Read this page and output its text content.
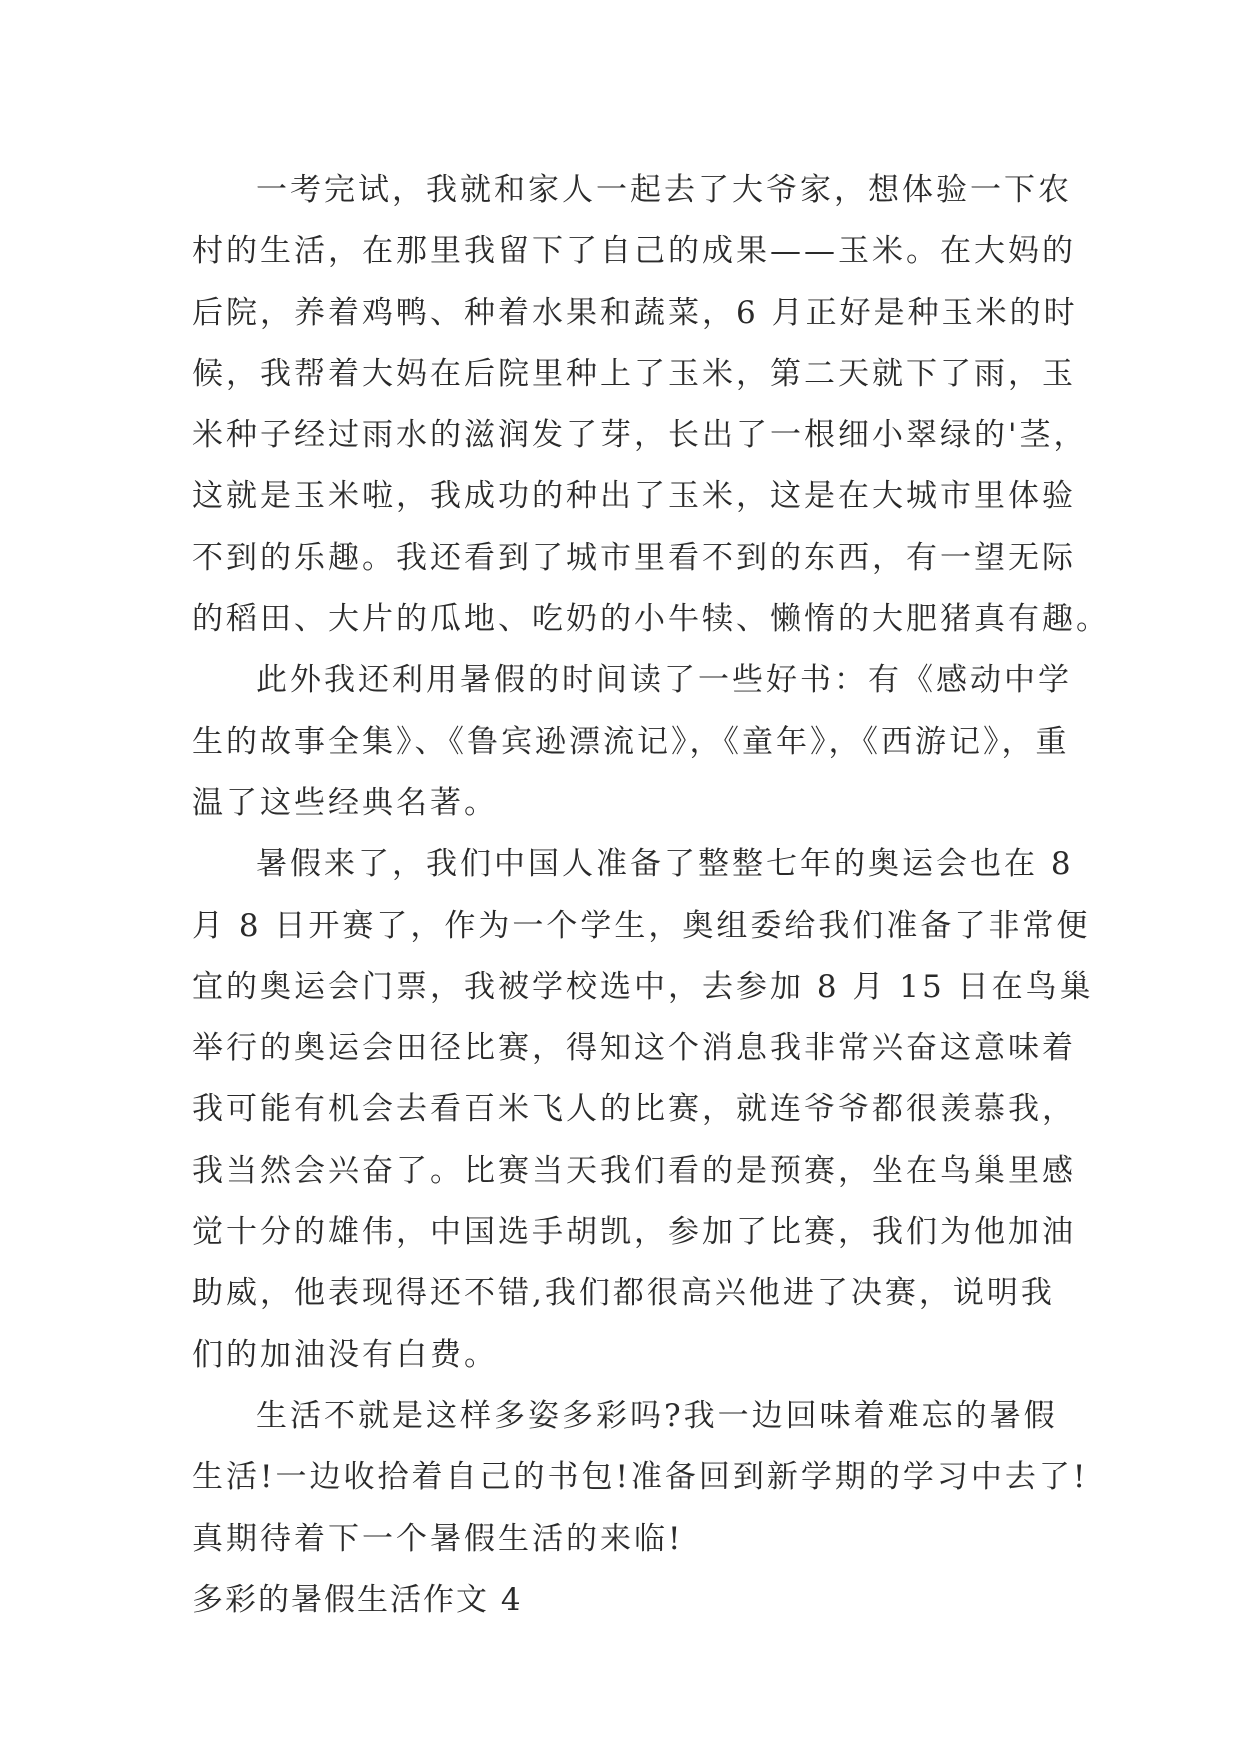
一考完试，我就和家人一起去了大爷家，想体验一下农
村的生活，在那里我留下了自己的成果——玉米。在大妈的
后院，养着鸡鸭、种着水果和蔬菜，6 月正好是种玉米的时
候，我帮着大妈在后院里种上了玉米，第二天就下了雨，玉
米种子经过雨水的滋润发了芽，长出了一根细小翠绿的'茎，
这就是玉米啦，我成功的种出了玉米，这是在大城市里体验
不到的乐趣。我还看到了城市里看不到的东西，有一望无际
的稻田、大片的瓜地、吃奶的小牛犊、懒惰的大肥猪真有趣。
此外我还利用暑假的时间读了一些好书：有《感动中学
生的故事全集》、《鲁宾逊漂流记》，《童年》，《西游记》，重
温了这些经典名著。
暑假来了，我们中国人准备了整整七年的奥运会也在 8
月 8 日开赛了，作为一个学生，奥组委给我们准备了非常便
宜的奥运会门票，我被学校选中，去参加 8 月 15 日在鸟巢
举行的奥运会田径比赛，得知这个消息我非常兴奋这意味着
我可能有机会去看百米飞人的比赛，就连爷爷都很羡慕我，
我当然会兴奋了。比赛当天我们看的是预赛，坐在鸟巢里感
觉十分的雄伟，中国选手胡凯，参加了比赛，我们为他加油
助威，他表现得还不错,我们都很高兴他进了决赛，说明我
们的加油没有白费。
生活不就是这样多姿多彩吗?我一边回味着难忘的暑假
生活!一边收拾着自己的书包!准备回到新学期的学习中去了!
真期待着下一个暑假生活的来临!
多彩的暑假生活作文 4
